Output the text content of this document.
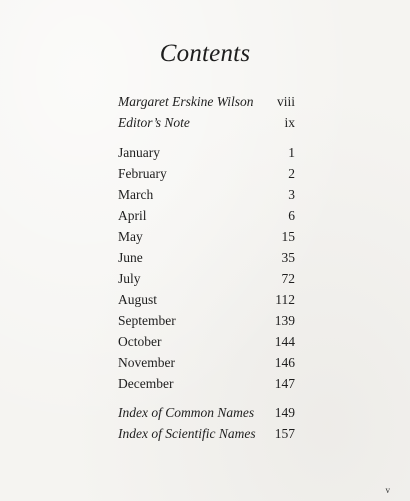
Contents
Margaret Erskine Wilson viii
Editor’s Note	ix
January	1
February	2
March	3
April	6
May	15
June	35
July	72
August	112
September	139
October	144
November	146
December	147
Index of Common Names 149
Index of Scientific Names 157
v
